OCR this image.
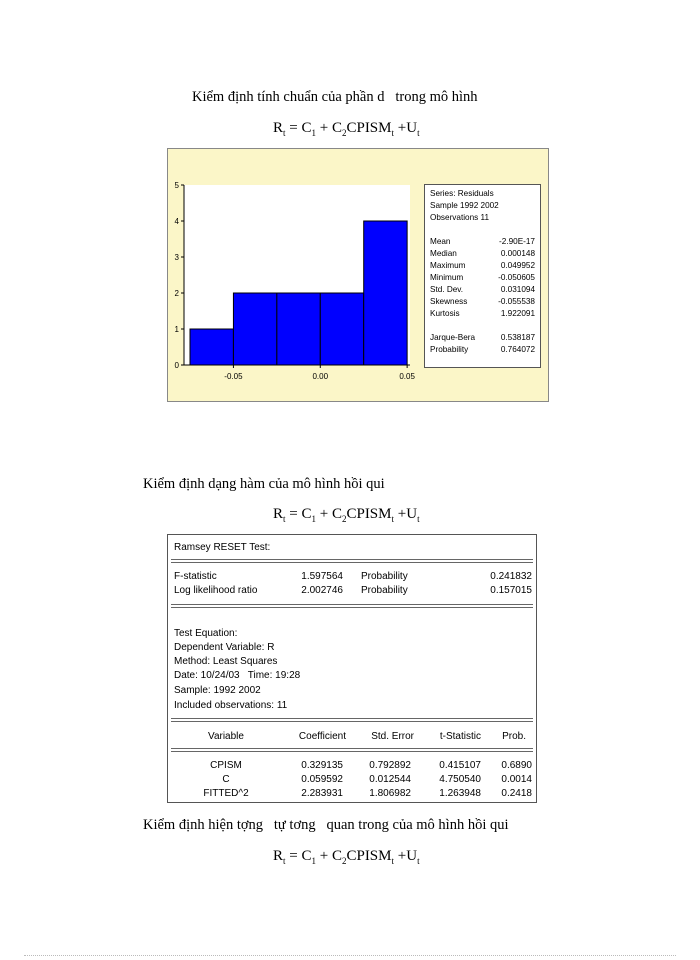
Kiểm định tính chuẩn của phần d   trong mô hình
$R_t = C_1$ + $C_2CPISM_t +U_t$
0
1
2
3
4
5
-0.05	0.00	0.05
Series: Residuals
Sample 1992 2002
Observations 11
Mean	-2.90E-17
Median	0.000148
Maximum	0.049952
Minimum	-0.050605
Std. Dev.	0.031094
Skewness	-0.055538
Kurtosis	1.922091
Jarque-Bera	0.538187
Probability	0.764072
Kiểm định dạng hàm của mô hình hồi qui
$R_t = C_1$ + $C_2CPISM_t +U_t$
Ramsey RESET Test:
F-statistic	1.597564 Probability	0.241832
Log likelihood ratio	2.002746 Probability	0.157015
Test Equation:
Dependent Variable: R
Method: Least Squares
Date: 10/24/03   Time: 19:28
Sample: 1992 2002
Included observations: 11
Variable	Coefficient	Std. Error	t-Statistic	Prob.
CPISM	0.329135	0.792892	0.415107	0.6890
C	0.059592	0.012544	4.750540	0.0014
FITTED^2	2.283931	1.806982	1.263948	0.2418
Kiểm định hiện tợng   tự tơng   quan trong của mô hình hồi qui
$R_t = C_1$ + $C_2CPISM_t +U_t$
